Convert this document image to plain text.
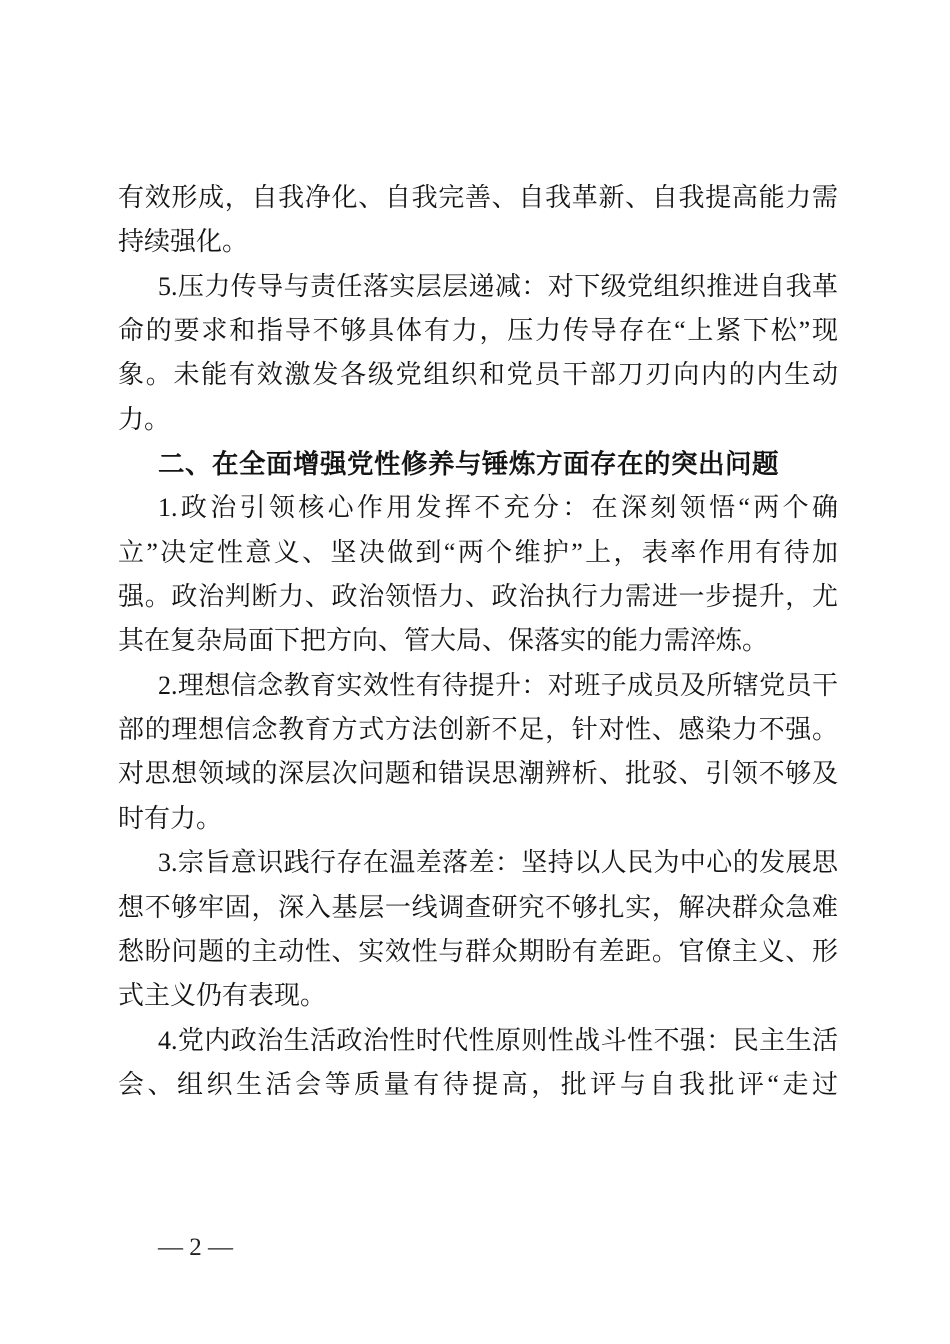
有效形成，自我净化、自我完善、自我革新、自我提高能力需
持续强化。
5.压力传导与责任落实层层递减：对下级党组织推进自我革
命的要求和指导不够具体有力，压力传导存在“上紧下松”现
象。未能有效激发各级党组织和党员干部刀刃向内的内生动
力。
二、在全面增强党性修养与锤炼方面存在的突出问题
1.政治引领核心作用发挥不充分：在深刻领悟“两个确
立”决定性意义、坚决做到“两个维护”上，表率作用有待加
强。政治判断力、政治领悟力、政治执行力需进一步提升，尤
其在复杂局面下把方向、管大局、保落实的能力需淬炼。
2.理想信念教育实效性有待提升：对班子成员及所辖党员干
部的理想信念教育方式方法创新不足，针对性、感染力不强。
对思想领域的深层次问题和错误思潮辨析、批驳、引领不够及
时有力。
3.宗旨意识践行存在温差落差：坚持以人民为中心的发展思
想不够牢固，深入基层一线调查研究不够扎实，解决群众急难
愁盼问题的主动性、实效性与群众期盼有差距。官僚主义、形
式主义仍有表现。
4.党内政治生活政治性时代性原则性战斗性不强：民主生活
会、组织生活会等质量有待提高，批评与自我批评“走过
— 2 —
